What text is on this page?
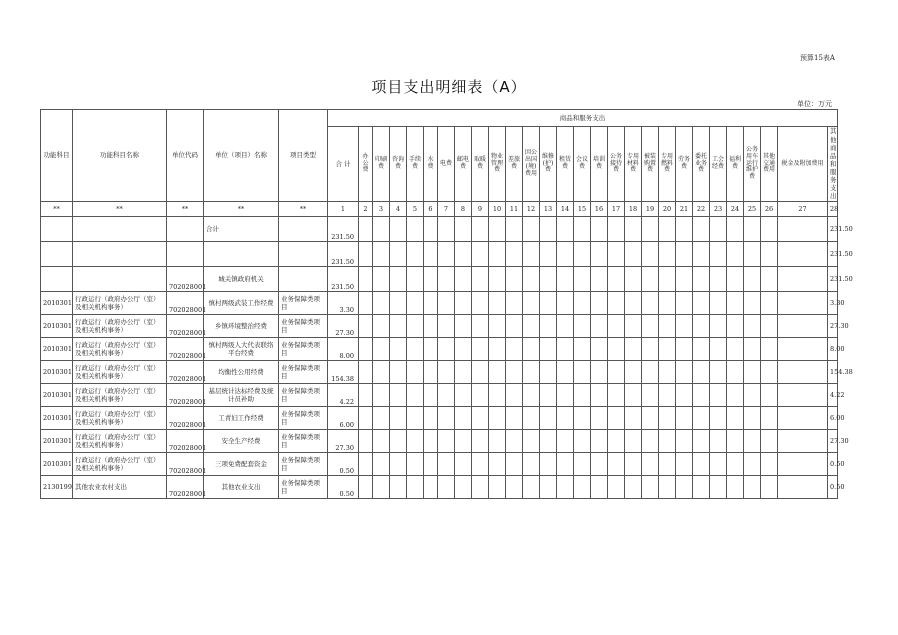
预算15表A
项目支出明细表（A）
单位：万元
功能科目	功能科目名称	单位代码	单位（项目）名称	项目类型	商品和服务支出																											
					合 计	办公费	印刷费	咨询费	手续费	水费	电费	邮电费	取暖费	物业管理费	差旅费	因公出国(境)费用	维修(护)费	租赁费	会议费	培训费	公务接待费	专用材料费	被装购置费	专用燃料费	劳务费	委托业务费	工会经费	福利费	公务用车运行维护费	其他交通费用	税金及附加费用	其他商品和服务支出
**	**	**	**	**	1	2	3	4	5	6	7	8	9	10	11	12	13	14	15	16	17	18	19	20	21	22	23	24	25	26	27	28
			合计		231.50																											231.50
					231.50																											231.50
		702028001	城关镇政府机关		231.50																											231.50
2010301	行政运行（政府办公厅（室）及相关机构事务）	702028001	慎村两级武装工作经费	业务保障类项目	3.30																											3.30
2010301	行政运行（政府办公厅（室）及相关机构事务）	702028001	乡镇环境整治经费	业务保障类项目	27.30																											27.30
2010301	行政运行（政府办公厅（室）及相关机构事务）	702028001	慎村两级人大代表联络平台经费	业务保障类项目	8.00																											8.00
2010301	行政运行（政府办公厅（室）及相关机构事务）	702028001	均衡性公用经费	业务保障类项目	154.38																											154.38
2010301	行政运行（政府办公厅（室）及相关机构事务）	702028001	基层统计达标经费及统计员补助	业务保障类项目	4.22																											4.22
2010301	行政运行（政府办公厅（室）及相关机构事务）	702028001	工青妇工作经费	业务保障类项目	6.00																											6.00
2010301	行政运行（政府办公厅（室）及相关机构事务）	702028001	安全生产经费	业务保障类项目	27.30																											27.30
2010301	行政运行（政府办公厅（室）及相关机构事务）	702028001	三项免费配套资金	业务保障类项目	0.50																											0.50
2130199	其他农业农村支出	702028001	其他农业支出	业务保障类项目	0.50																											0.50
